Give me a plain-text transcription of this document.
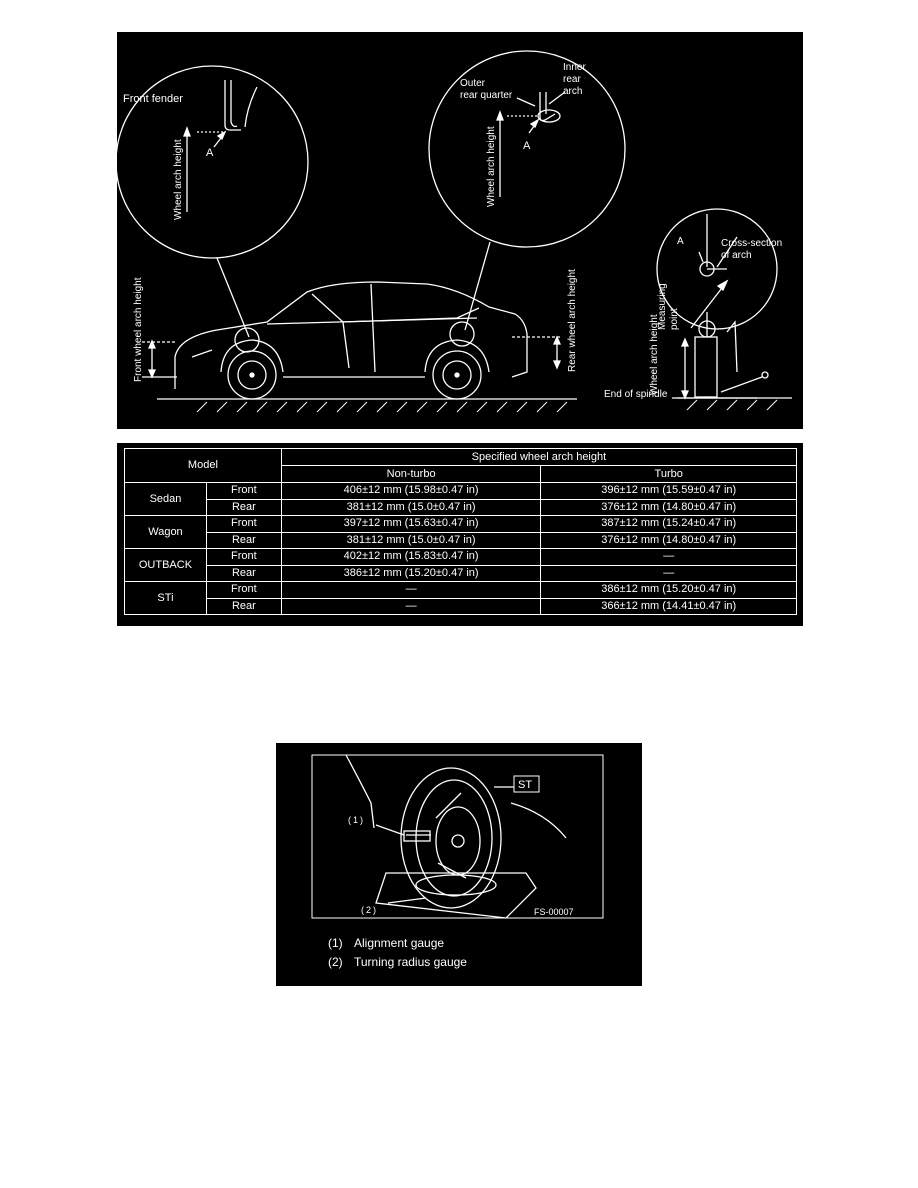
Front fender
A
Wheel arch height
Outer
rear quarter
Inner
rear
arch
A
Wheel arch height
Front wheel arch height	Rear wheel arch height
A	Cross-section
of arch
Measuring point
Wheel arch height
End of spindle
Model		Specified wheel arch height	
		Non-turbo	Turbo
Sedan	Front	406±12 mm (15.98±0.47 in)	396±12 mm (15.59±0.47 in)
	Rear	381±12 mm (15.0±0.47 in)	376±12 mm (14.80±0.47 in)
Wagon	Front	397±12 mm (15.63±0.47 in)	387±12 mm (15.24±0.47 in)
	Rear	381±12 mm (15.0±0.47 in)	376±12 mm (14.80±0.47 in)
OUTBACK	Front	402±12 mm (15.83±0.47 in)	—
	Rear	386±12 mm (15.20±0.47 in)	—
STi	Front	—	386±12 mm (15.20±0.47 in)
	Rear	—	366±12 mm (14.41±0.47 in)
ST
(1)
(2)	FS-00007
(1) Alignment gauge
(2) Turning radius gauge
